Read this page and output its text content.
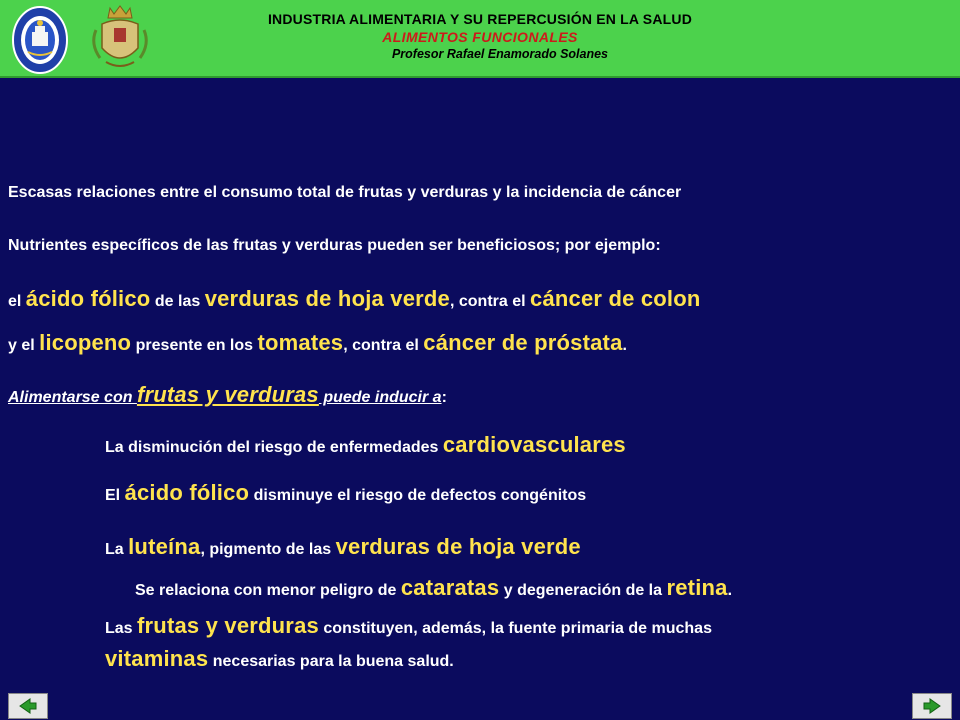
INDUSTRIA ALIMENTARIA Y SU REPERCUSIÓN EN LA SALUD
ALIMENTOS FUNCIONALES
Profesor Rafael Enamorado Solanes
Escasas relaciones entre el consumo total de frutas y verduras y la incidencia de cáncer
Nutrientes específicos de las frutas y verduras pueden ser beneficiosos; por ejemplo:
el ácido fólico de las verduras de hoja verde, contra el cáncer de colon
y el licopeno presente en los tomates, contra el cáncer de próstata.
Alimentarse con frutas y verduras puede inducir a:
La disminución del riesgo de enfermedades cardiovasculares
El ácido fólico disminuye el riesgo de defectos congénitos
La luteína, pigmento de las verduras de hoja verde
Se relaciona con menor peligro de cataratas y degeneración de la retina.
Las frutas y verduras constituyen, además, la fuente primaria de muchas
vitaminas necesarias para la buena salud.
